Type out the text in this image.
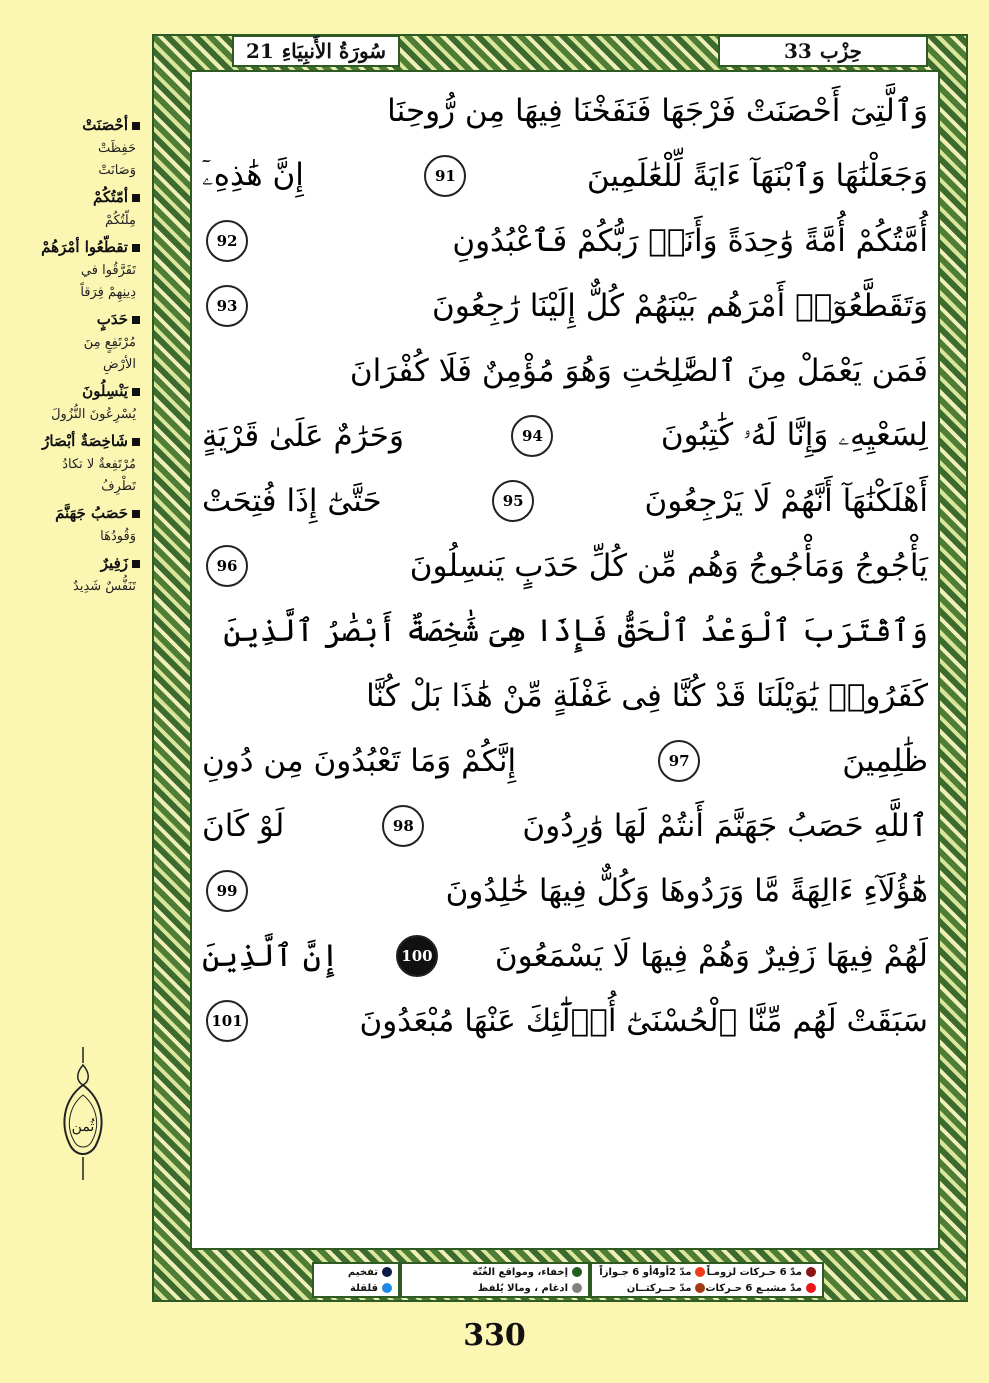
سُورَةُ الأَنبِيَاءِ
21	حِزْب
33
وَٱلَّتِىٓ أَحْصَنَتْ فَرْجَهَا فَنَفَخْنَا فِيهَا مِن رُّوحِنَا
وَجَعَلْنَٰهَا وَٱبْنَهَآ ءَايَةً لِّلْعَٰلَمِينَ
91
إِنَّ هَٰذِهِۦٓ
أُمَّتُكُمْ أُمَّةً وَٰحِدَةً وَأَنَا۠ رَبُّكُمْ فَٱعْبُدُونِ
92
وَتَقَطَّعُوٓا۟ أَمْرَهُم بَيْنَهُمْ كُلٌّ إِلَيْنَا رَٰجِعُونَ
93
فَمَن يَعْمَلْ مِنَ ٱلصَّٰلِحَٰتِ وَهُوَ مُؤْمِنٌ فَلَا كُفْرَانَ
لِسَعْيِهِۦ وَإِنَّا لَهُۥ كَٰتِبُونَ
94
وَحَرَٰمٌ عَلَىٰ قَرْيَةٍ
أَهْلَكْنَٰهَآ أَنَّهُمْ لَا يَرْجِعُونَ
95
حَتَّىٰٓ إِذَا فُتِحَتْ
يَأْجُوجُ وَمَأْجُوجُ وَهُم مِّن كُلِّ حَدَبٍ يَنسِلُونَ
96
وَٱقْتَرَبَ ٱلْوَعْدُ ٱلْحَقُّ فَإِذَا هِىَ شَٰخِصَةٌ أَبْصَٰرُ ٱلَّذِينَ
كَفَرُوا۟ يَٰوَيْلَنَا قَدْ كُنَّا فِى غَفْلَةٍ مِّنْ هَٰذَا بَلْ كُنَّا
ظَٰلِمِينَ
97
إِنَّكُمْ وَمَا تَعْبُدُونَ مِن دُونِ
ٱللَّهِ حَصَبُ جَهَنَّمَ أَنتُمْ لَهَا وَٰرِدُونَ
98
لَوْ كَانَ
هَٰٓؤُلَآءِ ءَالِهَةً مَّا وَرَدُوهَا وَكُلٌّ فِيهَا خَٰلِدُونَ
99
لَهُمْ فِيهَا زَفِيرٌ وَهُمْ فِيهَا لَا يَسْمَعُونَ
100
إِنَّ ٱلَّذِينَ
سَبَقَتْ لَهُم مِّنَّا ٱلْحُسْنَىٰٓ أُو۟لَٰٓئِكَ عَنْهَا مُبْعَدُونَ
101
أحْصَنَتْ
حَفِظَتْ
وَصَانَتْ
أمّتُكُمْ
مِلّتُكُمْ
تقطّعُوا أمْرَهُمْ
تَفَرَّقُوا في
دِينِهِمْ فِرَقاً
حَدَبٍ
مُرْتَفِعٍ مِنَ
الأرْضِ
يَنْسِلُونَ
يُسْرِعُونَ النُّزُولَ
شَاخِصَةٌ أبْصَارُ
مُرْتَفِعةٌ لا تكادُ
تَطْرِفُ
حَصَبُ جَهَنَّمَ
وَقُودُهَا
زَفِيرٌ
تَنَفُّسٌ شَدِيدٌ
ثُمن
مدّ 6 حـركات لزومـاً
مدّ 2أو4أو 6 جـوازاً
مدّ مشبـع 6 حـركات
مدّ حــركتــان
إخفاء، ومواقع الغُنّة
ادغام ، ومالا يُلفظ
تفخيم
قلقلة
330
